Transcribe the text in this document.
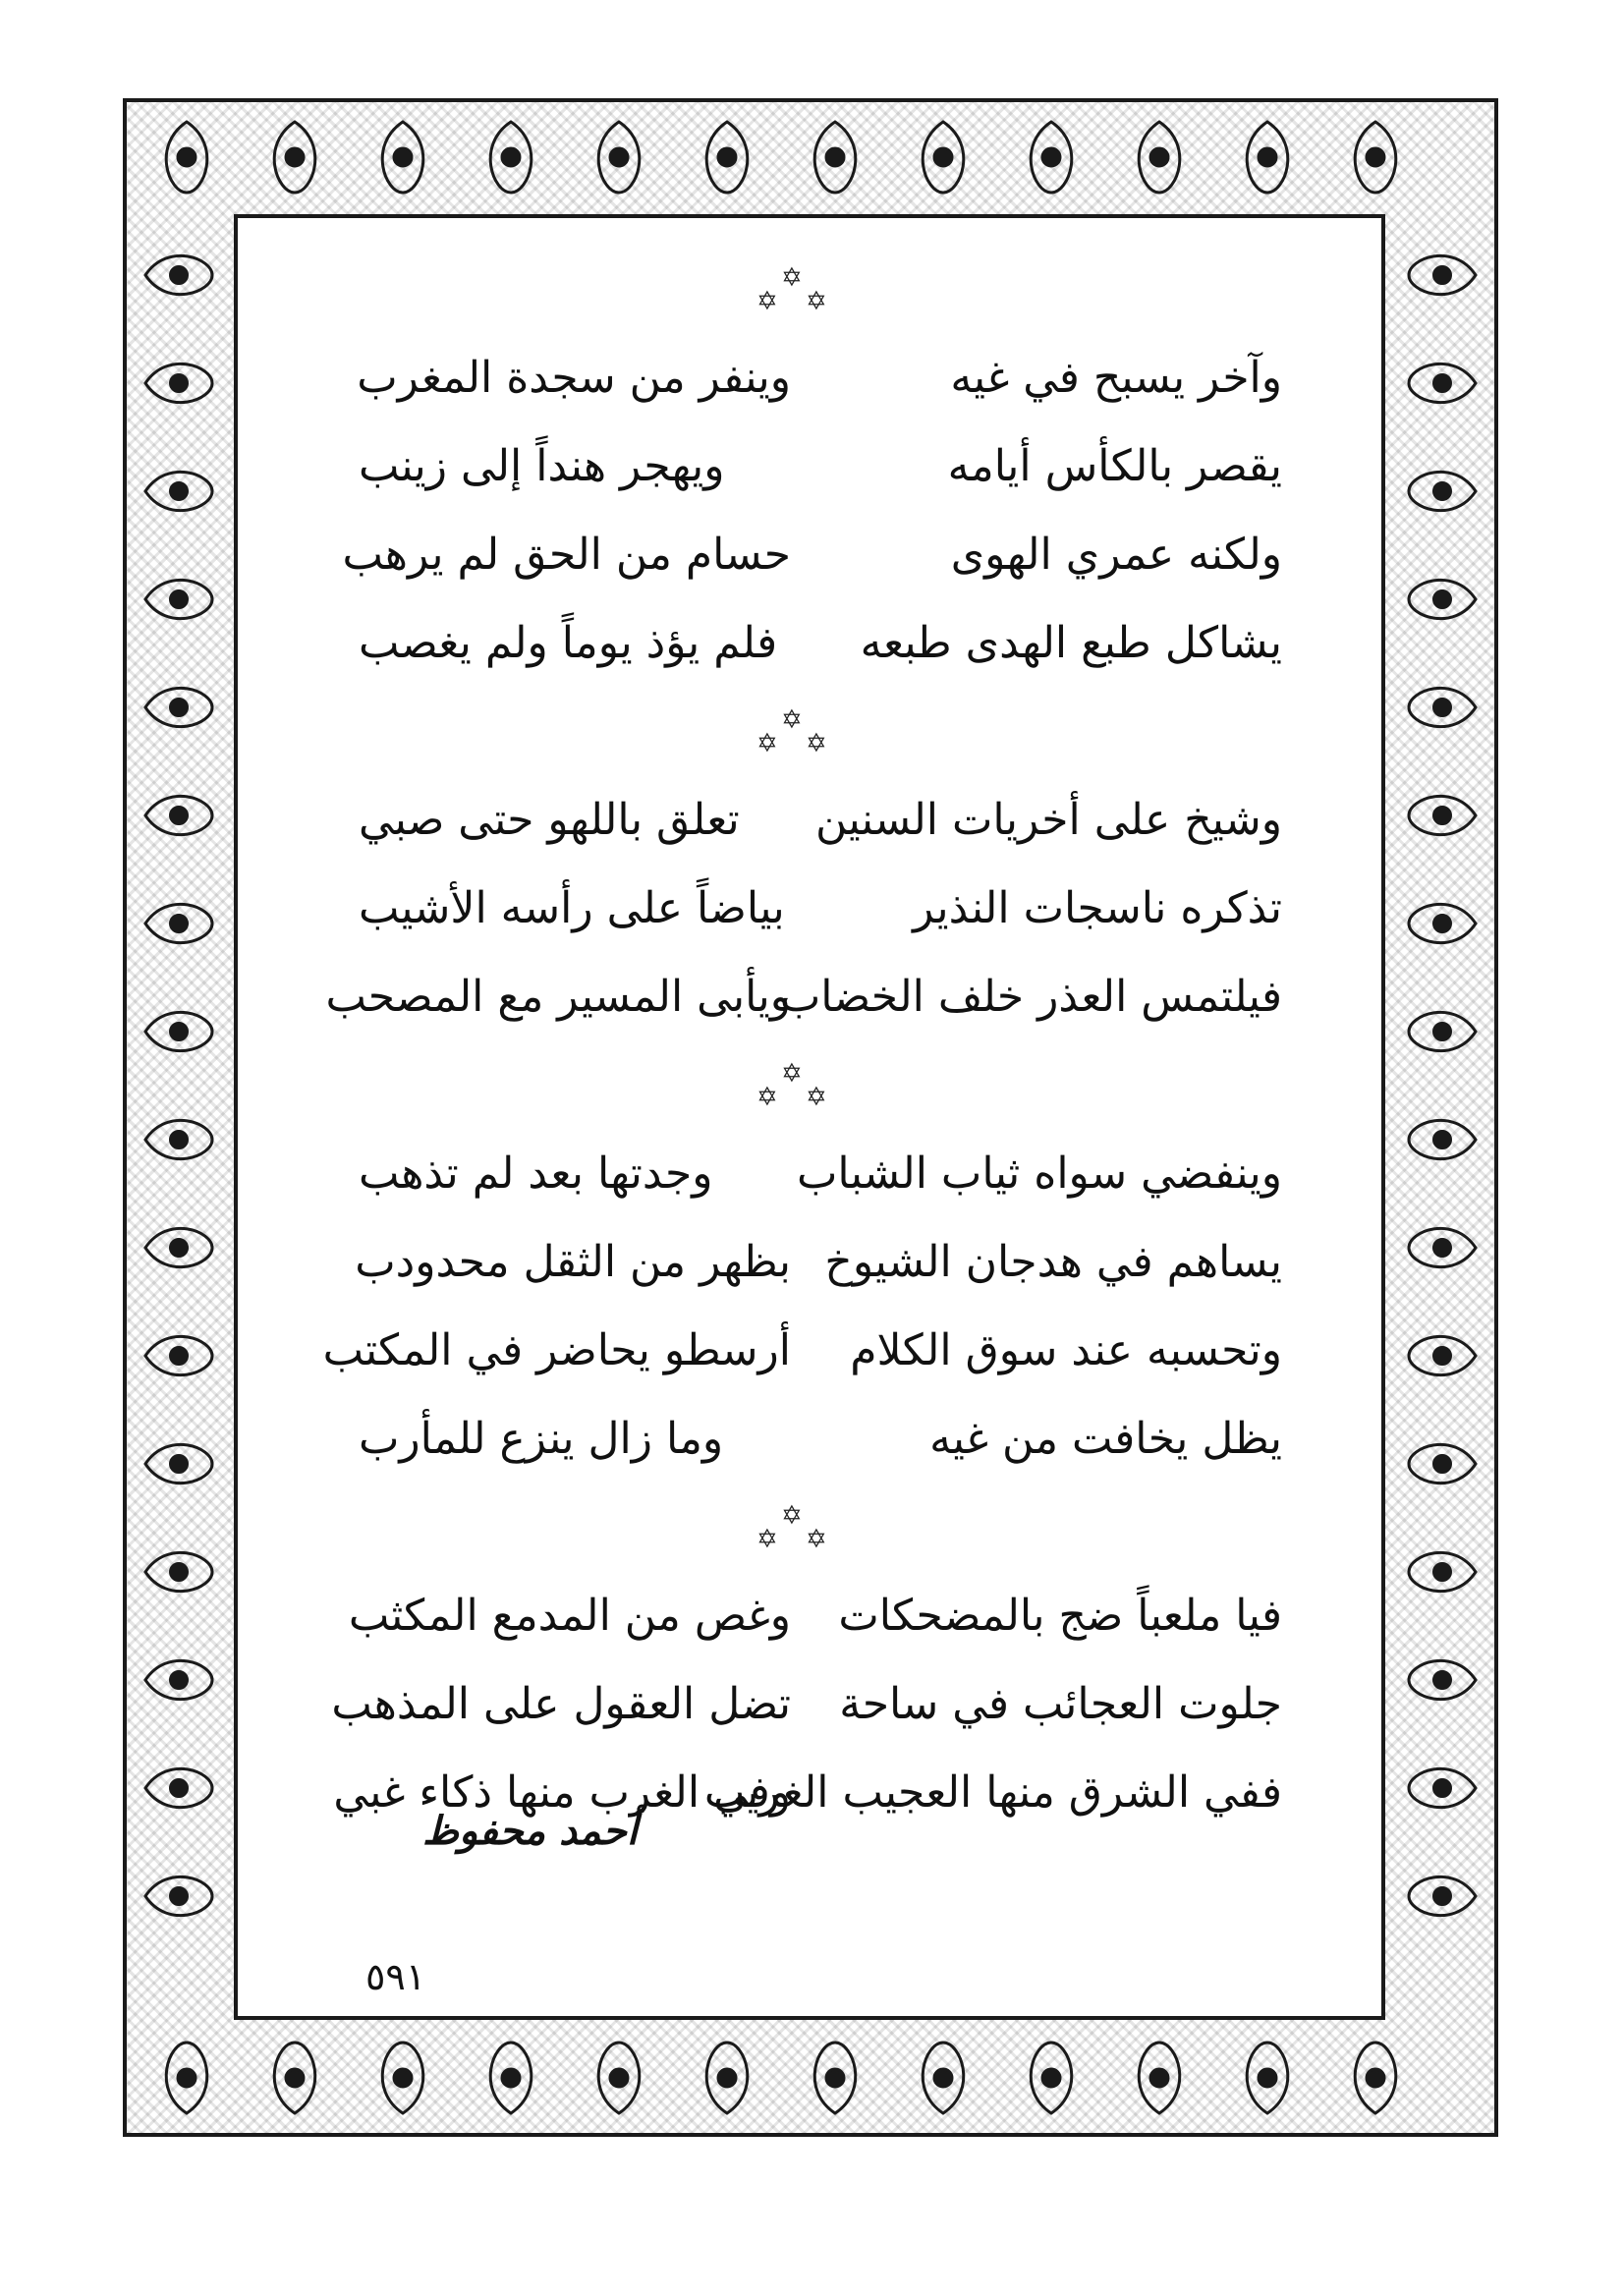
✡
✡
✡
وآخر يسبح في غيه
وينفر من سجدة المغرب
يقصر بالكأس أيامه
ويهجر هنداً إلى زينب
ولكنه عمري الهوى
حسام من الحق لم يرهب
يشاكل طبع الهدى طبعه
فلم يؤذ يوماً ولم يغصب
✡
✡
✡
وشيخ على أخريات السنين
تعلق باللهو حتى صبي
تذكره ناسجات النذير
بياضاً على رأسه الأشيب
فيلتمس العذر خلف الخضاب
ويأبى المسير مع المصحب
✡
✡
✡
وينفضي سواه ثياب الشباب
وجدتها بعد لم تذهب
يساهم في هدجان الشيوخ
بظهر من الثقل محدودب
وتحسبه عند سوق الكلام
أرسطو يحاضر في المكتب
يظل يخافت من غيه
وما زال ينزع للمأرب
✡
✡
✡
فيا ملعباً ضج بالمضحكات
وغص من المدمع المكثب
جلوت العجائب في ساحة
تضل العقول على المذهب
ففي الشرق منها العجيب الغريب
وفي الغرب منها ذكاء غبي
أحمد محفوظ
٥٩١
